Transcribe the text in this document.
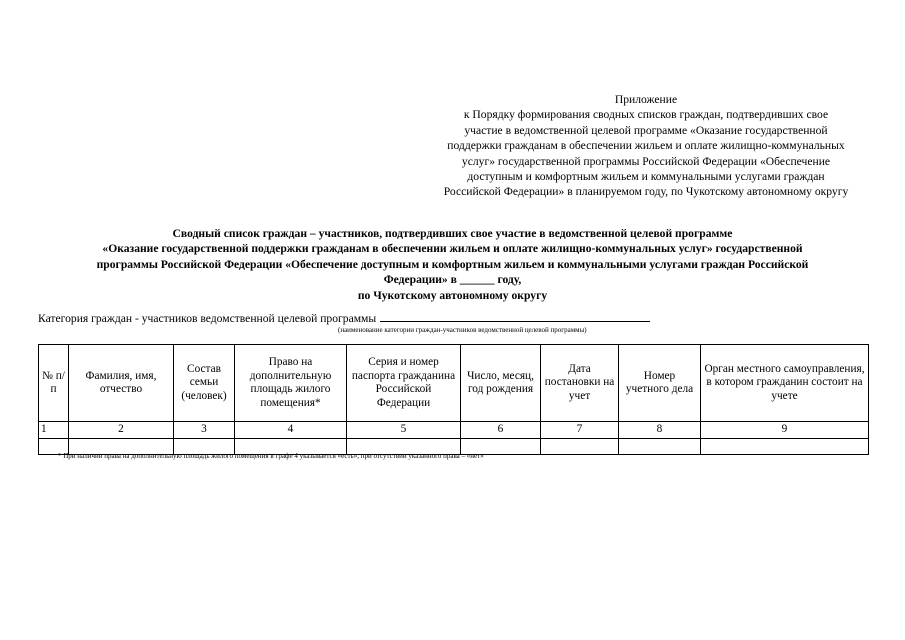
Приложение
к Порядку формирования сводных списков граждан, подтвердивших свое
участие в ведомственной целевой программе «Оказание государственной
поддержки гражданам в обеспечении жильем и оплате жилищно-коммунальных
услуг» государственной программы Российской Федерации «Обеспечение
доступным и комфортным жильем и коммунальными услугами граждан
Российской Федерации» в планируемом году, по Чукотскому автономному округу
Сводный список граждан – участников, подтвердивших свое участие в ведомственной целевой программе
«Оказание государственной поддержки гражданам в обеспечении жильем и оплате жилищно-коммунальных услуг» государственной
программы Российской Федерации «Обеспечение доступным и комфортным жильем и коммунальными услугами граждан Российской
Федерации» в ______ году,
по Чукотскому автономному округу
Категория граждан - участников ведомственной целевой программы
(наименование категории граждан-участников ведомственной целевой программы)
№ п/п	Фамилия, имя, отчество	Состав семьи (человек)	Право на дополнительную площадь жилого помещения*	Серия и номер паспорта гражданина Российской Федерации	Число, месяц, год рождения	Дата постановки на учет	Номер учетного дела	Орган местного самоуправления, в котором гражданин состоит на учете
1	2	3	4	5	6	7	8	9

* При наличии права на дополнительную площадь жилого помещения в графе 4 указывается «есть», при отсутствии указанного права – «нет»
